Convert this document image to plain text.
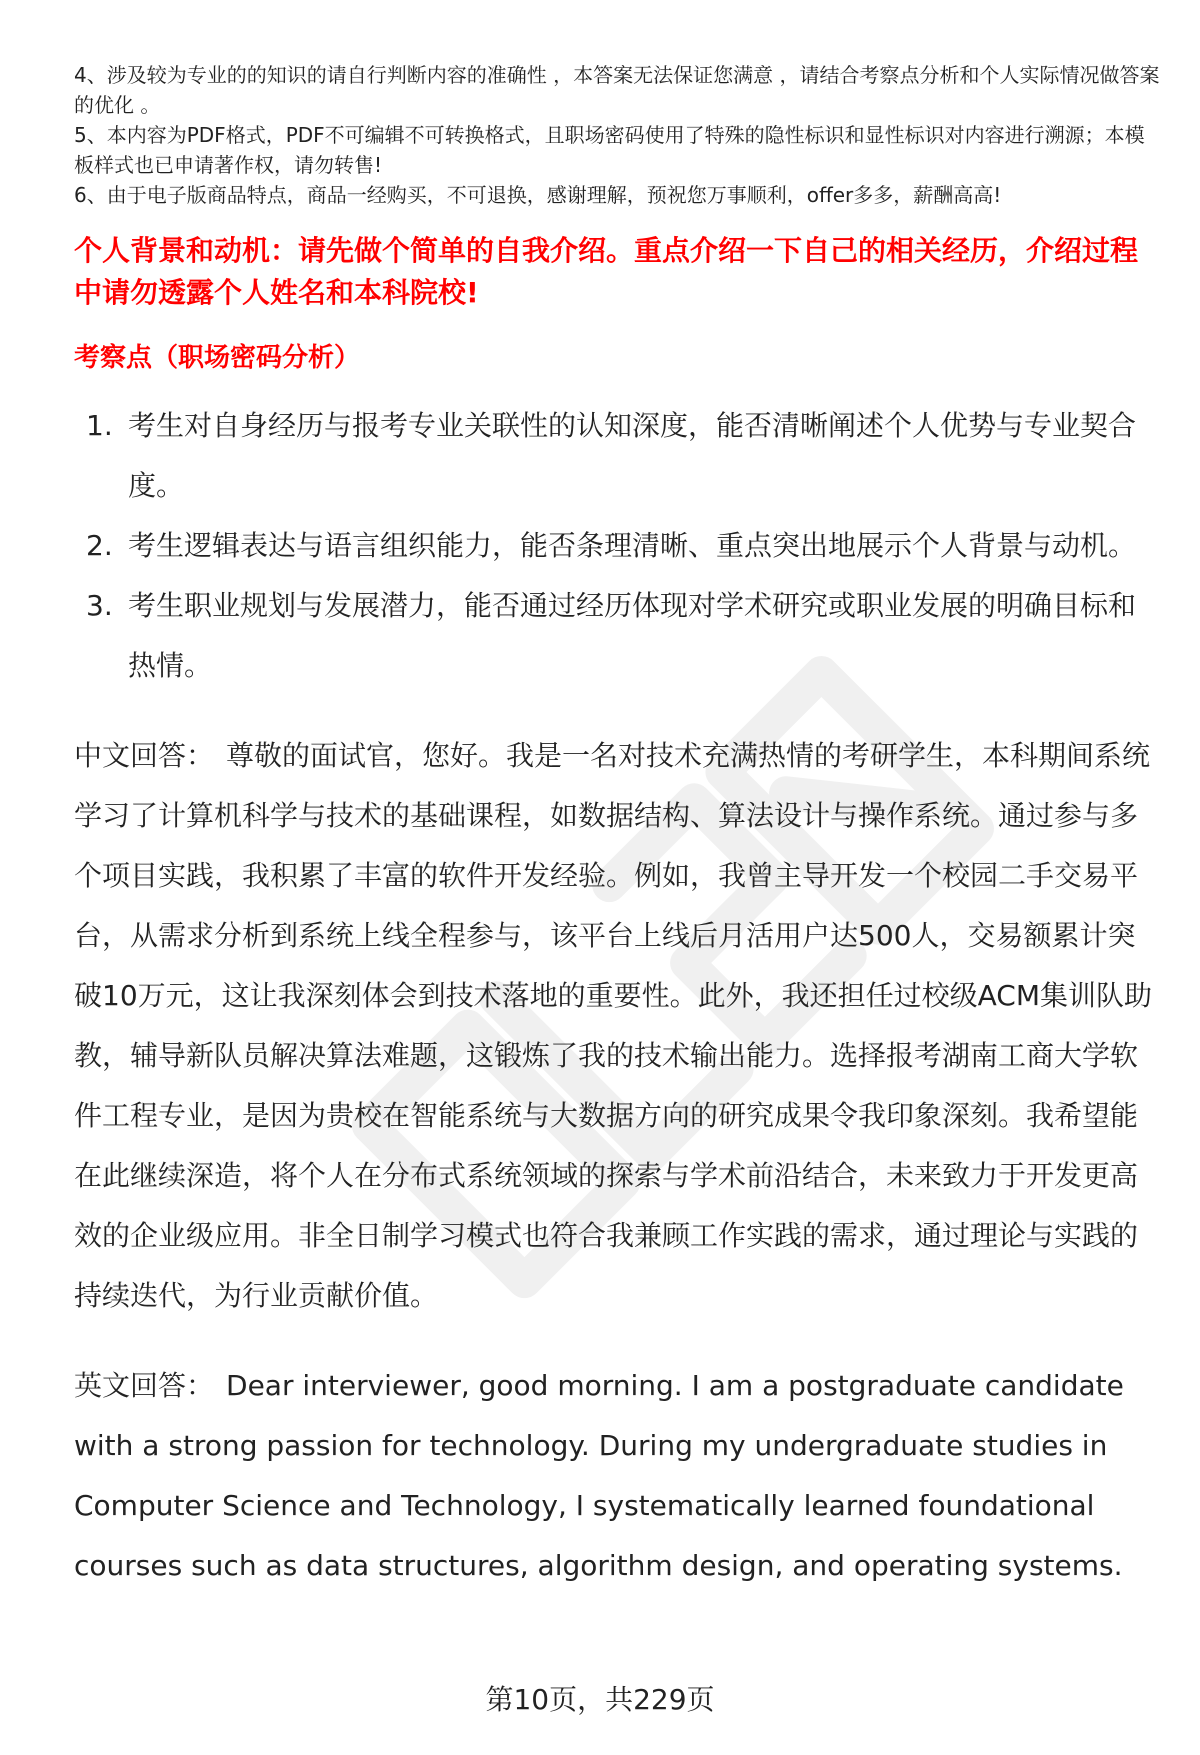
4、涉及较为专业的的知识的请自行判断内容的准确性 ，本答案无法保证您满意 ，请结合考察点分析和个人实际情况做答案的优化 。

5、本内容为PDF格式，PDF不可编辑不可转换格式，且职场密码使用了特殊的隐性标识和显性标识对内容进行溯源；本模板样式也已申请著作权，请勿转售!

6、由于电子版商品特点，商品一经购买，不可退换，感谢理解，预祝您万事顺利，offer多多，薪酬高高!

个人背景和动机：请先做个简单的自我介绍。重点介绍一下自己的相关经历，介绍过程中请勿透露个人姓名和本科院校!

考察点（职场密码分析）

1. 考生对自身经历与报考专业关联性的认知深度，能否清晰阐述个人优势与专业契合度。
2. 考生逻辑表达与语言组织能力，能否条理清晰、重点突出地展示个人背景与动机。
3. 考生职业规划与发展潜力，能否通过经历体现对学术研究或职业发展的明确目标和热情。

中文回答： 尊敬的面试官，您好。我是一名对技术充满热情的考研学生，本科期间系统学习了计算机科学与技术的基础课程，如数据结构、算法设计与操作系统。通过参与多个项目实践，我积累了丰富的软件开发经验。例如，我曾主导开发一个校园二手交易平台，从需求分析到系统上线全程参与，该平台上线后月活用户达500人，交易额累计突破10万元，这让我深刻体会到技术落地的重要性。此外，我还担任过校级ACM集训队助教，辅导新队员解决算法难题，这锻炼了我的技术输出能力。选择报考湖南工商大学软件工程专业，是因为贵校在智能系统与大数据方向的研究成果令我印象深刻。我希望能在此继续深造，将个人在分布式系统领域的探索与学术前沿结合，未来致力于开发更高效的企业级应用。非全日制学习模式也符合我兼顾工作实践的需求，通过理论与实践的持续迭代，为行业贡献价值。

英文回答： Dear interviewer, good morning. I am a postgraduate candidate with a strong passion for technology. During my undergraduate studies in Computer Science and Technology, I systematically learned foundational courses such as data structures, algorithm design, and operating systems.

第10页，共229页
